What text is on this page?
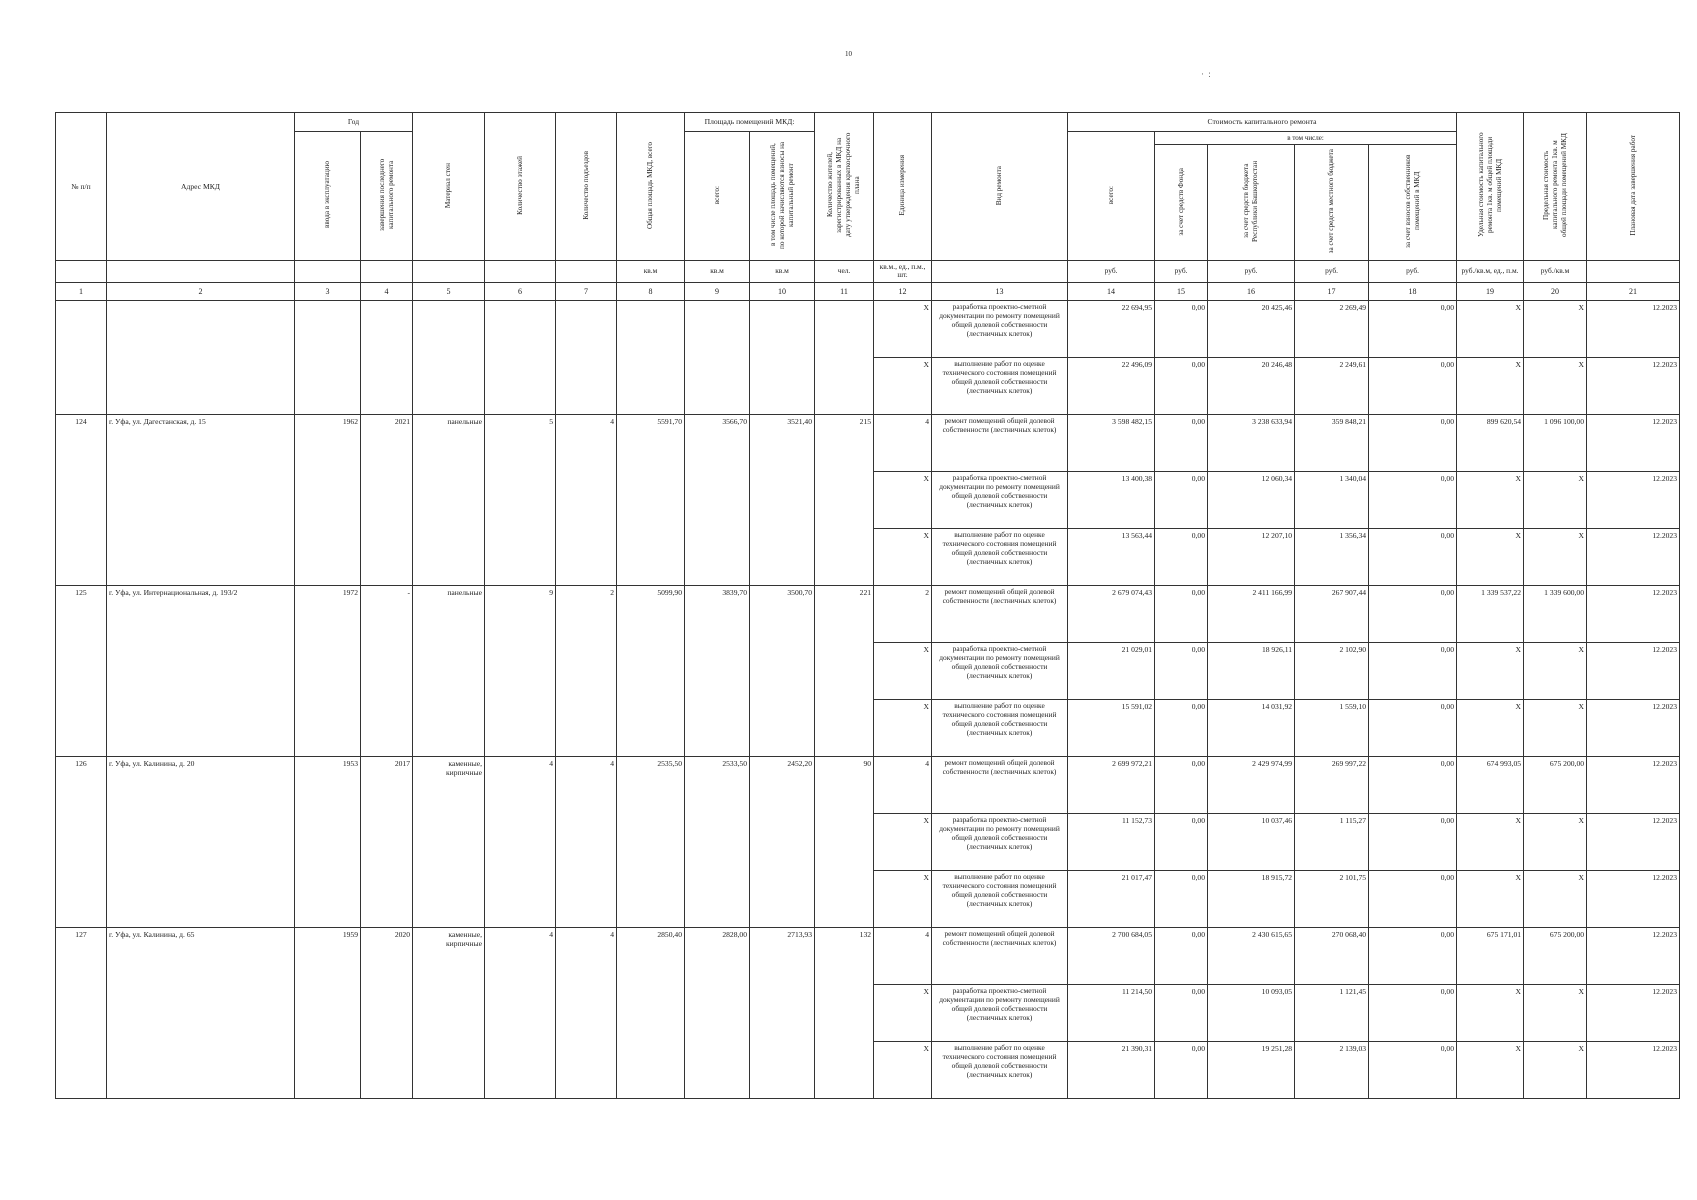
10
· :
№ п/п	Адрес МКД	Год		Материал стен	Количество этажей	Количество подъездов	Общая площадь МКД, всего	Площадь помещений МКД:		Количество жителей, зарегистрированных в МКД на дату утверждения краткосрочного плана	Единица измерения	Вид ремонта	Стоимость капитального ремонта					Удельная стоимость капитального ремонта 1кв. м общей площади помещений МКД	Предельная стоимость капитального ремонта 1кв. м общей площади помещений МКД	Плановая дата завершения работ
		ввода в эксплуатацию	завершения последнего капитального ремонта					всего:	в том числе площадь помещений, по которой начисляются взносы на капитальный ремонт				всего:	в том числе:						
														за счет средств Фонда	за счет средств бюджета Республики Башкортостан	за счет средств местного бюджета	за счет взносов собственников помещений в МКД			
							кв.м	кв.м	кв.м	чел.	кв.м., ед., п.м., шт.		руб.	руб.	руб.	руб.	руб.	руб./кв.м, ед., п.м.	руб./кв.м	
1	2	3	4	5	6	7	8	9	10	11	12	13	14	15	16	17	18	19	20	21
											X	разработка проектно-сметной документации по ремонту помещений общей долевой собственности (лестничных клеток)	22 694,95	0,00	20 425,46	2 269,49	0,00	X	X	12.2023
											X	выполнение работ по оценке технического состояния помещений общей долевой собственности (лестничных клеток)	22 496,09	0,00	20 246,48	2 249,61	0,00	X	X	12.2023
124	г. Уфа, ул. Дагестанская, д. 15	1962	2021	панельные	5	4	5591,70	3566,70	3521,40	215	4	ремонт помещений общей долевой собственности (лестничных клеток)	3 598 482,15	0,00	3 238 633,94	359 848,21	0,00	899 620,54	1 096 100,00	12.2023
											X	разработка проектно-сметной документации по ремонту помещений общей долевой собственности (лестничных клеток)	13 400,38	0,00	12 060,34	1 340,04	0,00	X	X	12.2023
											X	выполнение работ по оценке технического состояния помещений общей долевой собственности (лестничных клеток)	13 563,44	0,00	12 207,10	1 356,34	0,00	X	X	12.2023
125	г. Уфа, ул. Интернациональная, д. 193/2	1972	-	панельные	9	2	5099,90	3839,70	3500,70	221	2	ремонт помещений общей долевой собственности (лестничных клеток)	2 679 074,43	0,00	2 411 166,99	267 907,44	0,00	1 339 537,22	1 339 600,00	12.2023
											X	разработка проектно-сметной документации по ремонту помещений общей долевой собственности (лестничных клеток)	21 029,01	0,00	18 926,11	2 102,90	0,00	X	X	12.2023
											X	выполнение работ по оценке технического состояния помещений общей долевой собственности (лестничных клеток)	15 591,02	0,00	14 031,92	1 559,10	0,00	X	X	12.2023
126	г. Уфа, ул. Калинина, д. 20	1953	2017	каменные, кирпичные	4	4	2535,50	2533,50	2452,20	90	4	ремонт помещений общей долевой собственности (лестничных клеток)	2 699 972,21	0,00	2 429 974,99	269 997,22	0,00	674 993,05	675 200,00	12.2023
											X	разработка проектно-сметной документации по ремонту помещений общей долевой собственности (лестничных клеток)	11 152,73	0,00	10 037,46	1 115,27	0,00	X	X	12.2023
											X	выполнение работ по оценке технического состояния помещений общей долевой собственности (лестничных клеток)	21 017,47	0,00	18 915,72	2 101,75	0,00	X	X	12.2023
127	г. Уфа, ул. Калинина, д. 65	1959	2020	каменные, кирпичные	4	4	2850,40	2828,00	2713,93	132	4	ремонт помещений общей долевой собственности (лестничных клеток)	2 700 684,05	0,00	2 430 615,65	270 068,40	0,00	675 171,01	675 200,00	12.2023
											X	разработка проектно-сметной документации по ремонту помещений общей долевой собственности (лестничных клеток)	11 214,50	0,00	10 093,05	1 121,45	0,00	X	X	12.2023
											X	выполнение работ по оценке технического состояния помещений общей долевой собственности (лестничных клеток)	21 390,31	0,00	19 251,28	2 139,03	0,00	X	X	12.2023
